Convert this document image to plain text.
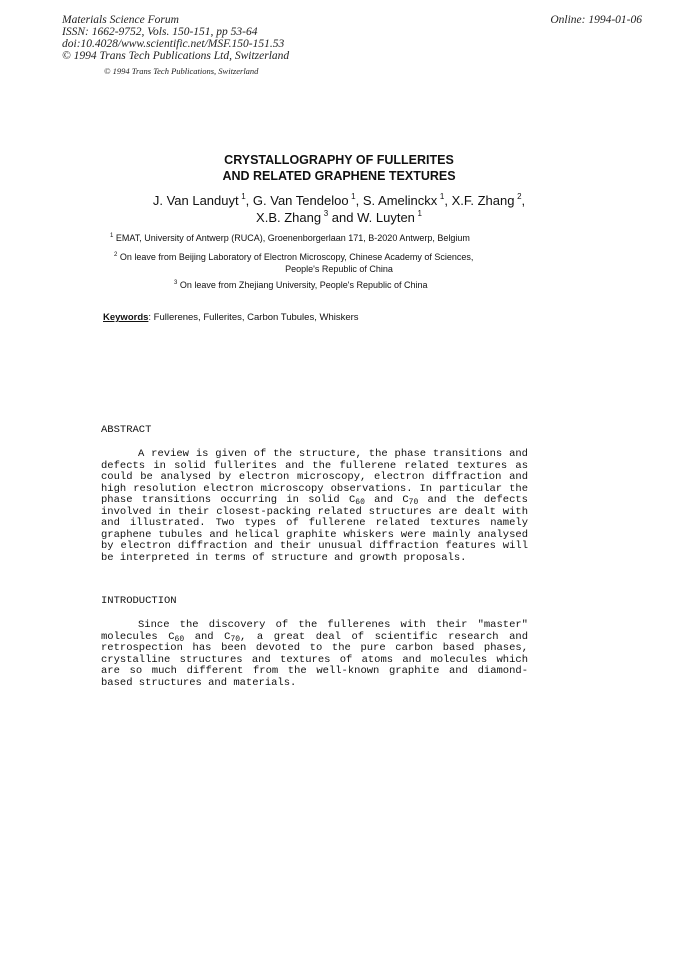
Materials Science Forum
ISSN: 1662-9752, Vols. 150-151, pp 53-64
doi:10.4028/www.scientific.net/MSF.150-151.53
© 1994 Trans Tech Publications Ltd, Switzerland
Online: 1994-01-06
© 1994 Trans Tech Publications, Switzerland
CRYSTALLOGRAPHY OF FULLERITES
AND RELATED GRAPHENE TEXTURES
J. Van Landuyt  $^1$, G. Van Tendeloo  $^1$, S. Amelinckx  $^1$, X.F. Zhang  $^2$,
X.B. Zhang  $^3$ and W. Luyten  $^1$
$^1$ EMAT, University of Antwerp (RUCA), Groenenborgerlaan 171, B-2020 Antwerp, Belgium
$^2$ On leave from Beijing Laboratory of Electron Microscopy, Chinese Academy of Sciences,
People's Republic of China
$^3$ On leave from Zhejiang University, People's Republic of China
Keywords: Fullerenes, Fullerites, Carbon Tubules, Whiskers
ABSTRACT
A review is given of the structure, the phase transitions and defects in solid fullerites and the fullerene related textures as could be analysed by electron microscopy, electron diffraction and high resolution electron microscopy observations. In particular the phase transitions occurring in solid $C_{60}$ and $C_{70}$ and the defects involved in their closest-packing related structures are dealt with and illustrated. Two types of fullerene related textures namely graphene tubules and helical graphite whiskers were mainly analysed by electron diffraction and their unusual diffraction features will be interpreted in terms of structure and growth proposals.
INTRODUCTION
Since the discovery of the fullerenes with their "master" molecules $C_{60}$ and $C_{70}$, a great deal of scientific research and retrospection has been devoted to the pure carbon based phases, crystalline structures and textures of atoms and molecules which are so much different from the well-known graphite and diamond-based structures and materials.
